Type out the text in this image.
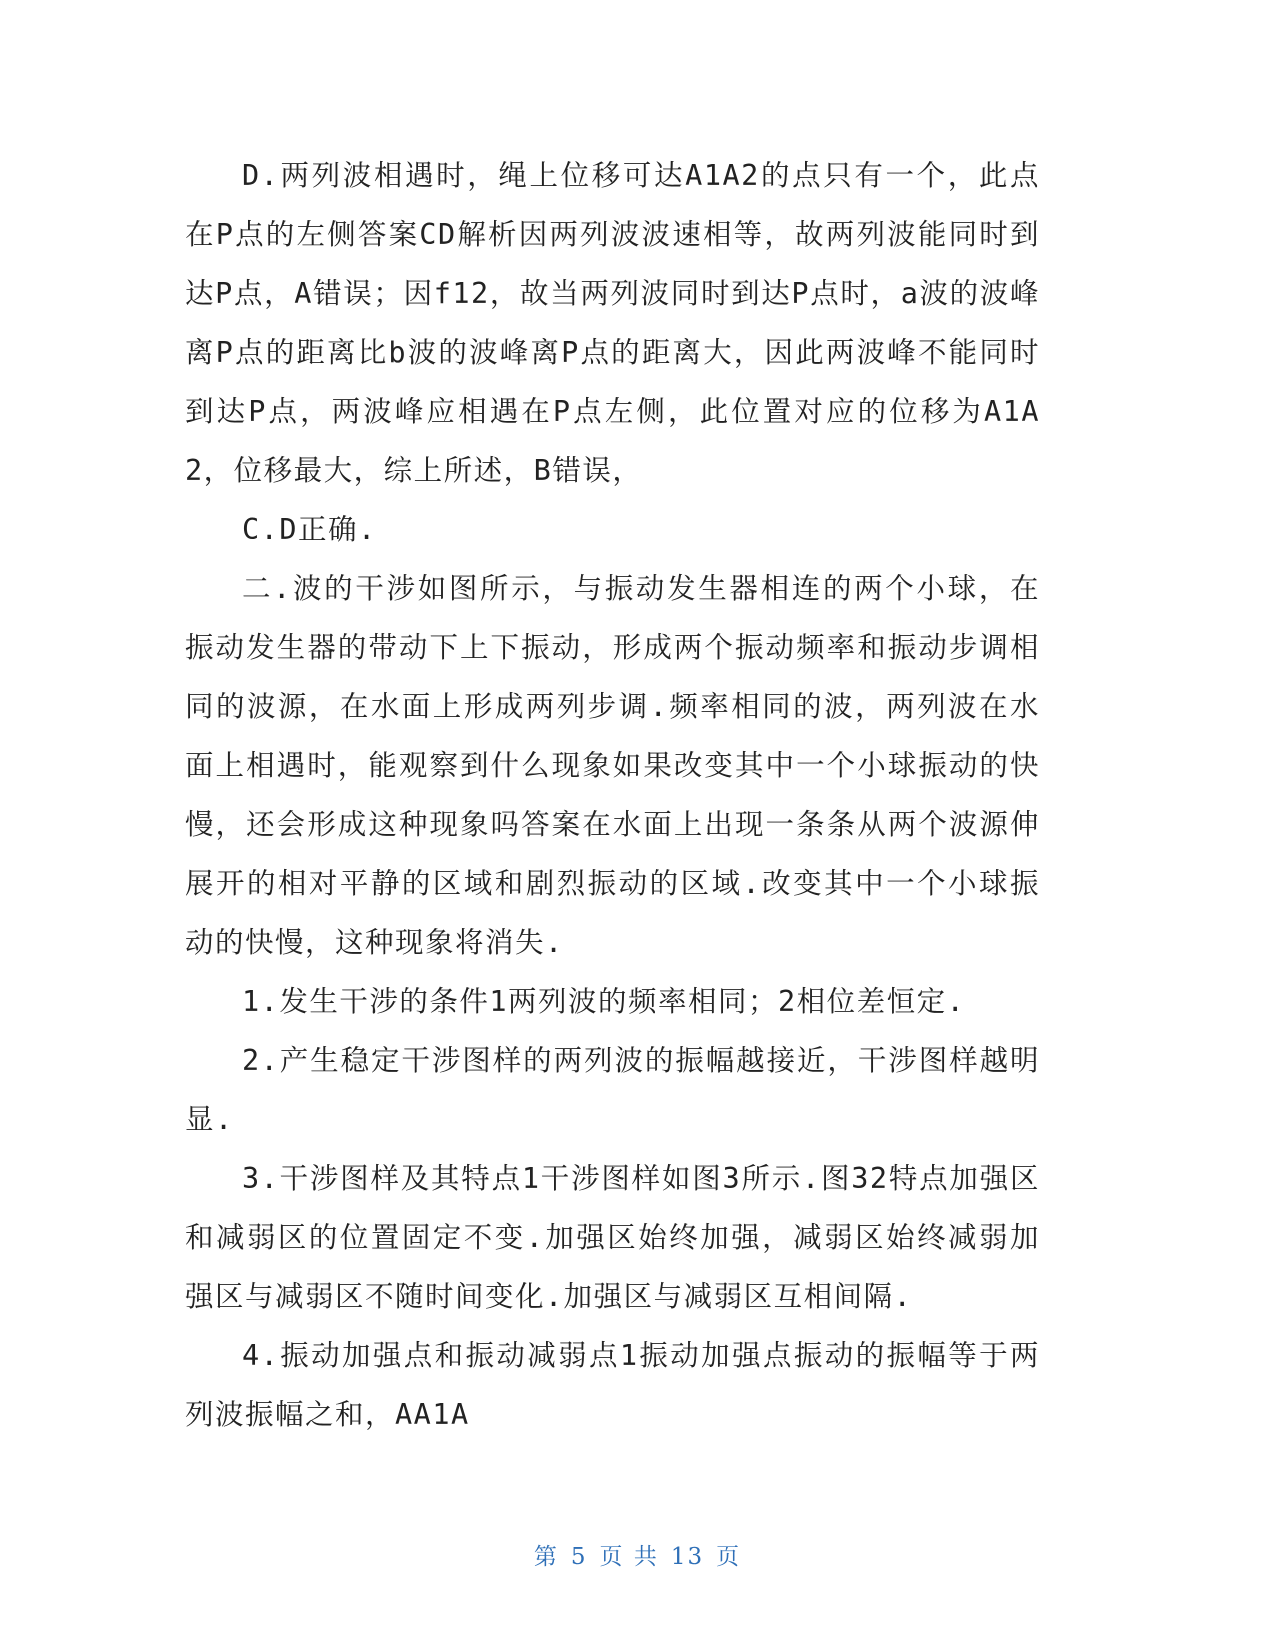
D.两列波相遇时，绳上位移可达A1A2的点只有一个，此点在P点的左侧答案CD解析因两列波波速相等，故两列波能同时到达P点，A错误；因f12，故当两列波同时到达P点时，a波的波峰离P点的距离比b波的波峰离P点的距离大，因此两波峰不能同时到达P点，两波峰应相遇在P点左侧，此位置对应的位移为A1A2，位移最大，综上所述，B错误，

C.D正确.

二.波的干涉如图所示，与振动发生器相连的两个小球，在振动发生器的带动下上下振动，形成两个振动频率和振动步调相同的波源，在水面上形成两列步调.频率相同的波，两列波在水面上相遇时，能观察到什么现象如果改变其中一个小球振动的快慢，还会形成这种现象吗答案在水面上出现一条条从两个波源伸展开的相对平静的区域和剧烈振动的区域.改变其中一个小球振动的快慢，这种现象将消失.

1.发生干涉的条件1两列波的频率相同；2相位差恒定.

2.产生稳定干涉图样的两列波的振幅越接近，干涉图样越明显.

3.干涉图样及其特点1干涉图样如图3所示.图32特点加强区和减弱区的位置固定不变.加强区始终加强，减弱区始终减弱加强区与减弱区不随时间变化.加强区与减弱区互相间隔.

4.振动加强点和振动减弱点1振动加强点振动的振幅等于两列波振幅之和，AA1A

第 5 页 共 13 页
